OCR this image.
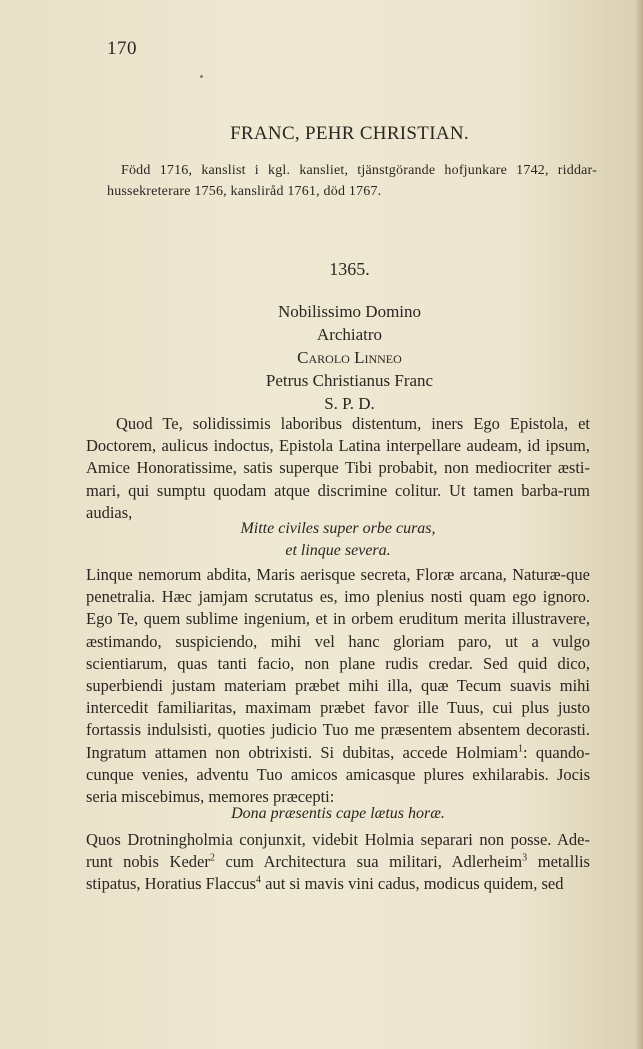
170
FRANC, PEHR CHRISTIAN.
Född 1716, kanslist i kgl. kansliet, tjänstgörande hofjunkare 1742, riddar-hussekreterare 1756, kansliråd 1761, död 1767.
1365.
Nobilissimo Domino
Archiatro
Carolo Linneo
Petrus Christianus Franc
S. P. D.

Quod Te, solidissimis laboribus distentum, iners Ego Epistola, et Doctorem, aulicus indoctus, Epistola Latina interpellare audeam, id ipsum, Amice Honoratissime, satis superque Tibi probabit, non mediocriter æsti-mari, qui sumptu quodam atque discrimine colitur. Ut tamen barba-rum audias,

Mitte civiles super orbe curas,
et linque severa.

Linque nemorum abdita, Maris aerisque secreta, Floræ arcana, Naturæ-que penetralia. Hæc jamjam scrutatus es, imo plenius nosti quam ego ignoro. Ego Te, quem sublime ingenium, et in orbem eruditum merita illustravere, æstimando, suspiciendo, mihi vel hanc gloriam paro, ut a vulgo scientiarum, quas tanti facio, non plane rudis credar. Sed quid dico, superbiendi justam materiam præbet mihi illa, quæ Tecum suavis mihi intercedit familiaritas, maximam præbet favor ille Tuus, cui plus justo fortassis indulsisti, quoties judicio Tuo me præsentem absentem decorasti. Ingratum attamen non obtrixisti. Si dubitas, accede Holmiam$^1$: quando-cunque venies, adventu Tuo amicos amicasque plures exhilarabis. Jocis seria miscebimus, memores præcepti:

Dona præsentis cape lætus horæ.

Quos Drotningholmia conjunxit, videbit Holmia separari non posse. Ade-runt nobis Keder$^2$ cum Architectura sua militari, Adlerheim$^3$ metallis stipatus, Horatius Flaccus$^4$ aut si mavis vini cadus, modicus quidem, sed
